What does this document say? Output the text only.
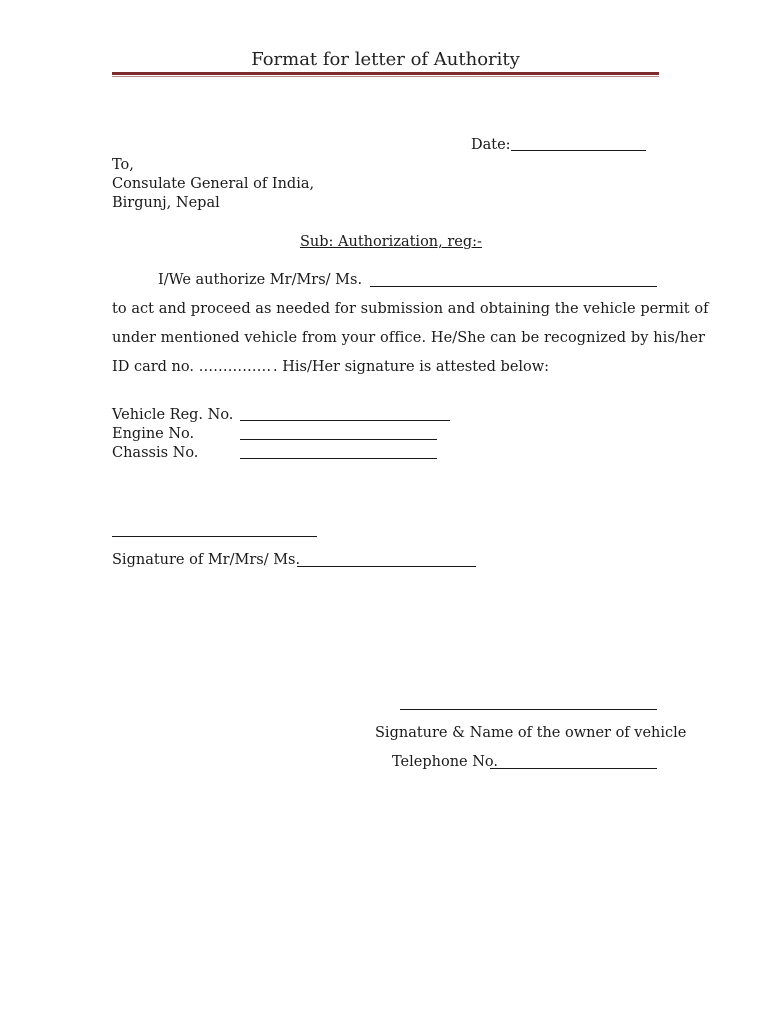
Format for letter of Authority
Date:
To,
Consulate General of India,
Birgunj, Nepal
Sub: Authorization, reg:-
I/We authorize Mr/Mrs/ Ms.
to act and proceed as needed for submission and obtaining the vehicle permit of
under mentioned vehicle from your office. He/She can be recognized by his/her
ID card no. …………… . His/Her signature is attested below:
Vehicle Reg. No.
Engine No.
Chassis No.
Signature of Mr/Mrs/ Ms.
Signature & Name of the owner of vehicle
Telephone No.
